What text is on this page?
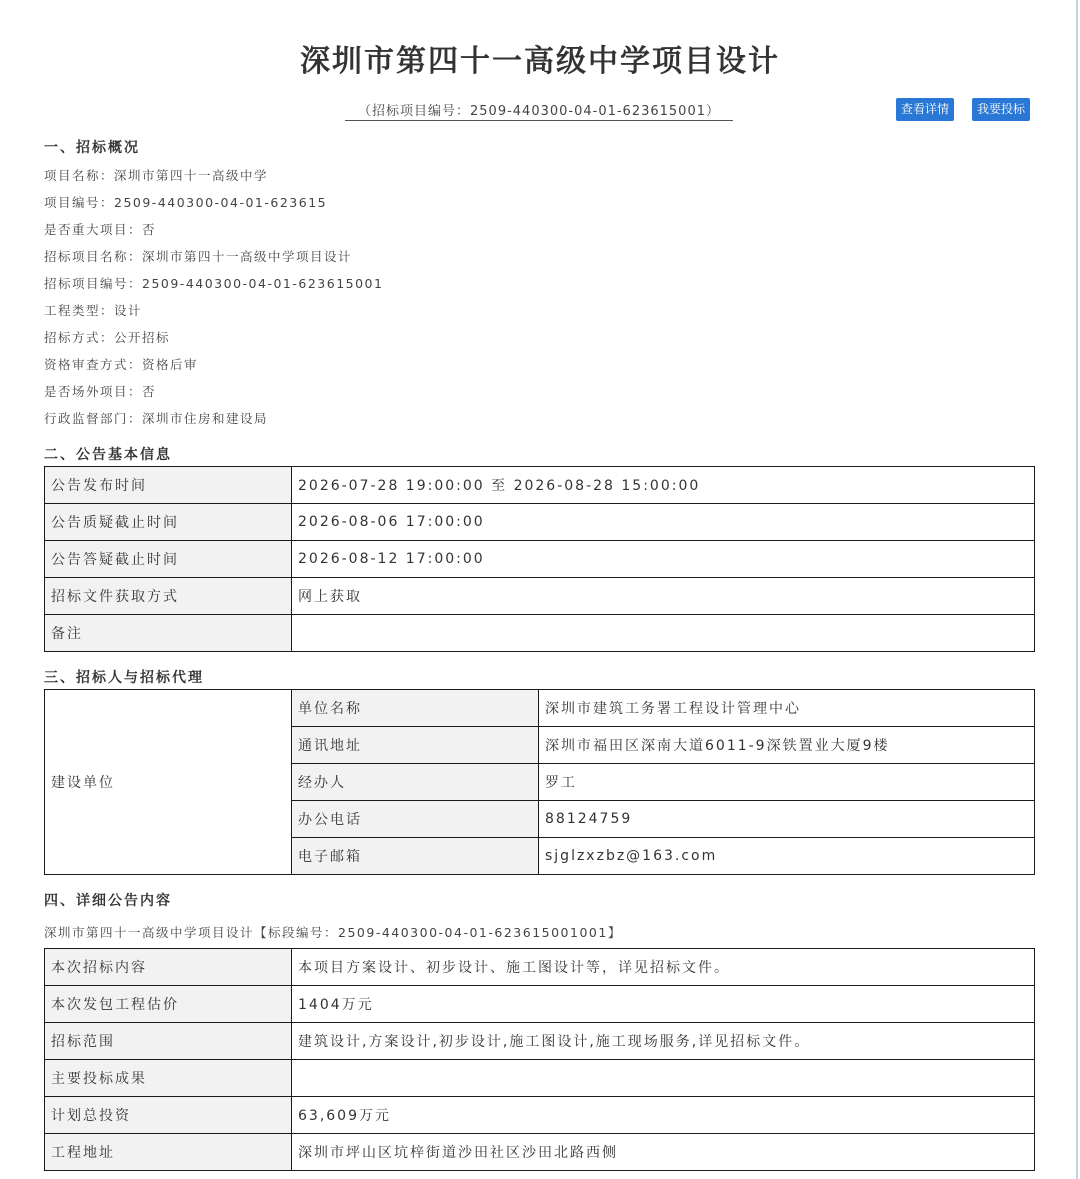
深圳市第四十一高级中学项目设计
（招标项目编号：2509-440300-04-01-623615001）	查看详情	我要投标
一、招标概况
项目名称：深圳市第四十一高级中学
项目编号：2509-440300-04-01-623615
是否重大项目：否
招标项目名称：深圳市第四十一高级中学项目设计
招标项目编号：2509-440300-04-01-623615001
工程类型：设计
招标方式：公开招标
资格审查方式：资格后审
是否场外项目：否
行政监督部门：深圳市住房和建设局
二、公告基本信息
公告发布时间	2026-07-28 19:00:00 至 2026-08-28 15:00:00
公告质疑截止时间	2026-08-06 17:00:00
公告答疑截止时间	2026-08-12 17:00:00
招标文件获取方式	网上获取
备注	
三、招标人与招标代理
建设单位	单位名称	深圳市建筑工务署工程设计管理中心
	通讯地址	深圳市福田区深南大道6011-9深铁置业大厦9楼
	经办人	罗工
	办公电话	88124759
	电子邮箱	sjglzxzbz@163.com
四、详细公告内容
深圳市第四十一高级中学项目设计【标段编号：2509-440300-04-01-623615001001】
本次招标内容	本项目方案设计、初步设计、施工图设计等，详见招标文件。
本次发包工程估价	1404万元
招标范围	建筑设计,方案设计,初步设计,施工图设计,施工现场服务,详见招标文件。
主要投标成果	
计划总投资	63,609万元
工程地址	深圳市坪山区坑梓街道沙田社区沙田北路西侧
